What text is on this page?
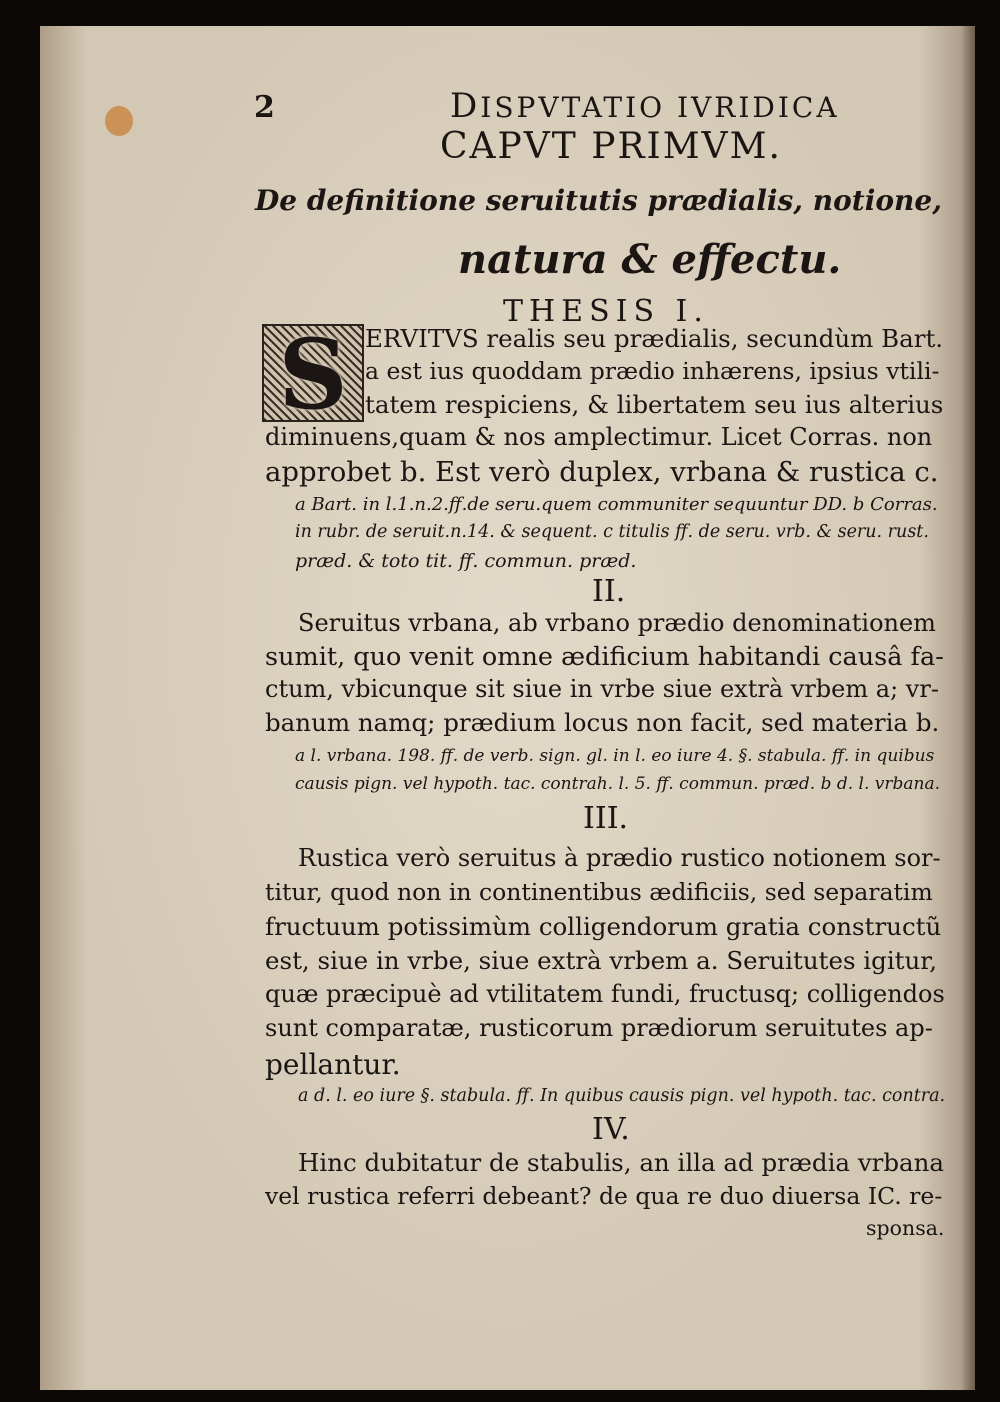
2	DISPVTATIO IVRIDICA
CAPVT PRIMVM.
De definitione seruitutis prædialis, notione,
natura & effectu.
THESIS I.
S ERVITVS realis seu prædialis, secundùm Bart.
a est ius quoddam prædio inhærens, ipsius vtili-
tatem respiciens, & libertatem seu ius alterius
diminuens,quam & nos amplectimur. Licet Corras. non
approbet b. Est verò duplex, vrbana & rustica c.
a Bart. in l.1.n.2.ff.de seru.quem communiter sequuntur DD. b Corras.
in rubr. de seruit.n.14. & sequent. c titulis ff. de seru. vrb. & seru. rust.
præd. & toto tit. ff. commun. præd.
II.
Seruitus vrbana, ab vrbano prædio denominationem
sumit, quo venit omne ædificium habitandi causâ fa-
ctum, vbicunque sit siue in vrbe siue extrà vrbem a; vr-
banum namq; prædium locus non facit, sed materia b.
a l. vrbana. 198. ff. de verb. sign. gl. in l. eo iure 4. §. stabula. ff. in quibus
causis pign. vel hypoth. tac. contrah. l. 5. ff. commun. præd. b d. l. vrbana.
III.
Rustica verò seruitus à prædio rustico notionem sor-
titur, quod non in continentibus ædificiis, sed separatim
fructuum potissimùm colligendorum gratia constructũ
est, siue in vrbe, siue extrà vrbem a. Seruitutes igitur,
quæ præcipuè ad vtilitatem fundi, fructusq; colligendos
sunt comparatæ, rusticorum prædiorum seruitutes ap-
pellantur.
a d. l. eo iure §. stabula. ff. In quibus causis pign. vel hypoth. tac. contra.
IV.
Hinc dubitatur de stabulis, an illa ad prædia vrbana
vel rustica referri debeant? de qua re duo diuersa IC. re-
sponsa.
